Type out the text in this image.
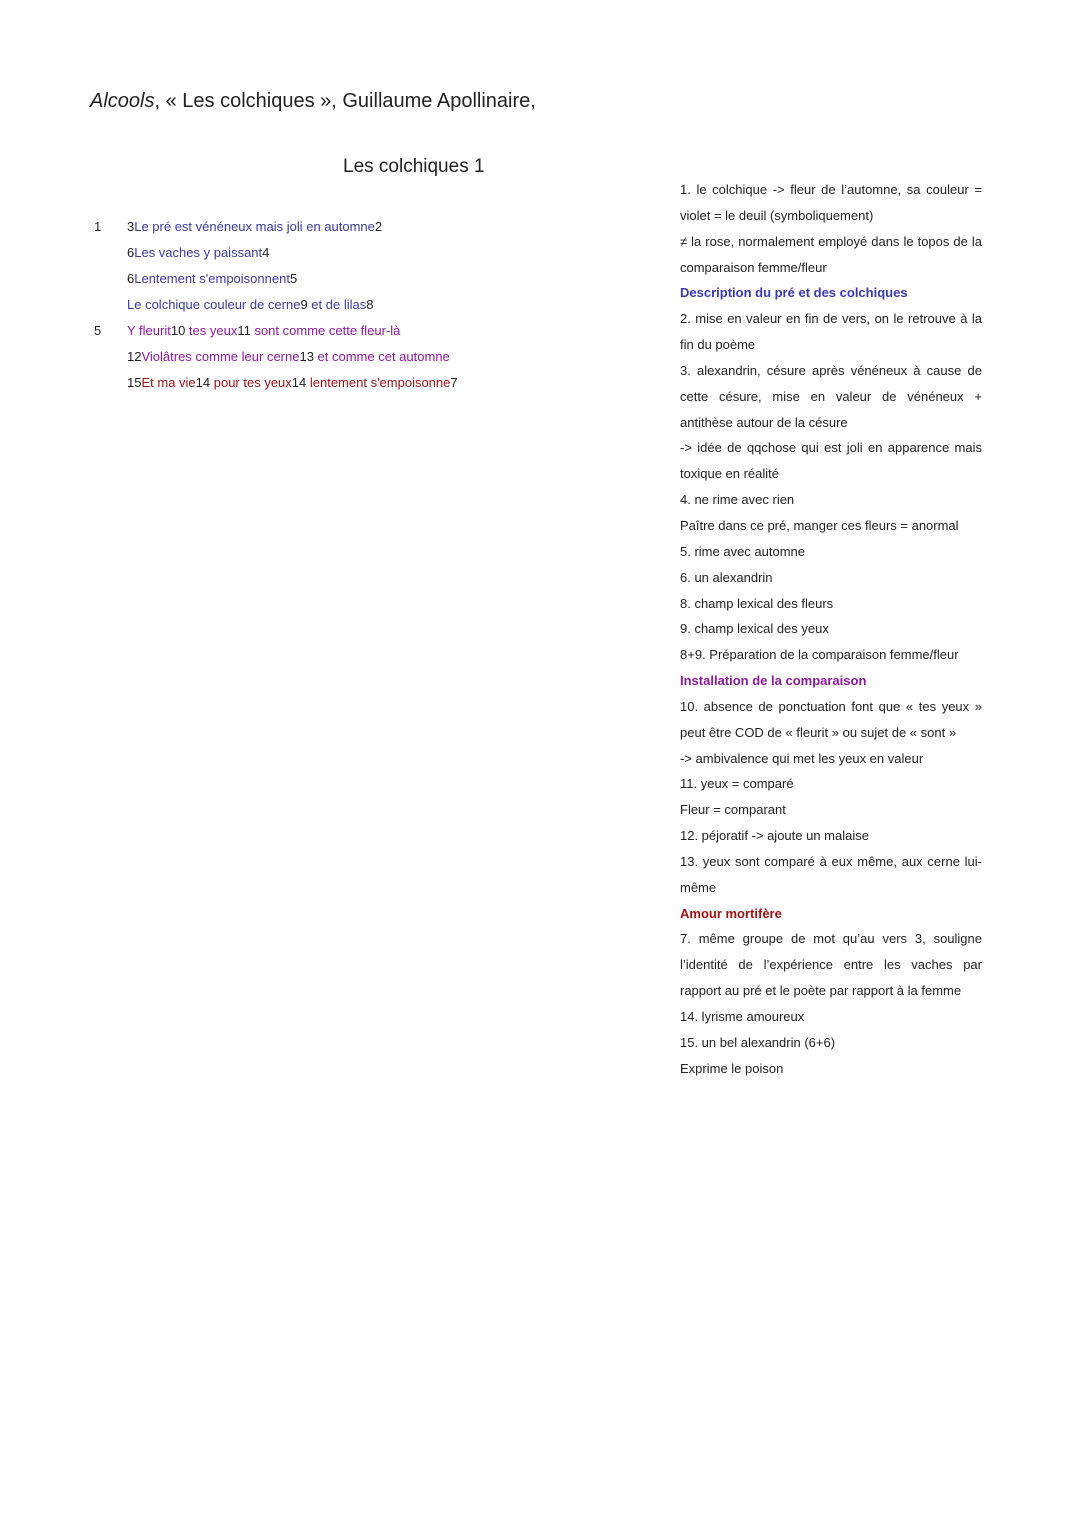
Alcools, « Les colchiques », Guillaume Apollinaire,
Les colchiques 1
1	3Le pré est vénéneux mais joli en automne2
6Les vaches y paissant4
6Lentement s'empoisonnent5
Le colchique couleur de cerne9 et de lilas8
5	Y fleurit10 tes yeux11 sont comme cette fleur-là
12Violâtres comme leur cerne13 et comme cet automne
15Et ma vie14 pour tes yeux14 lentement s'empoisonne7

1. le colchique -> fleur de l’automne, sa couleur = violet = le deuil (symboliquement)

≠ la rose, normalement employé dans le topos de la comparaison femme/fleur

Description du pré et des colchiques

2. mise en valeur en fin de vers, on le retrouve à la fin du poème

3. alexandrin, césure après vénéneux à cause de cette césure, mise en valeur de vénéneux + antithèse autour de la césure

-> idée de qqchose qui est joli en apparence mais toxique en réalité

4. ne rime avec rien

Paître dans ce pré, manger ces fleurs = anormal

5. rime avec automne

6. un alexandrin

8. champ lexical des fleurs

9. champ lexical des yeux

8+9. Préparation de la comparaison femme/fleur

Installation de la comparaison

10. absence de ponctuation font que « tes yeux » peut être COD de « fleurit » ou sujet de « sont »

-> ambivalence qui met les yeux en valeur

11. yeux = comparé

Fleur = comparant

12. péjoratif -> ajoute un malaise

13. yeux sont comparé à eux même, aux cerne lui-même

Amour mortifère

7. même groupe de mot qu’au vers 3, souligne l’identité de l’expérience entre les vaches par rapport au pré et le poète par rapport à la femme

14. lyrisme amoureux

15. un bel alexandrin (6+6)

Exprime le poison
